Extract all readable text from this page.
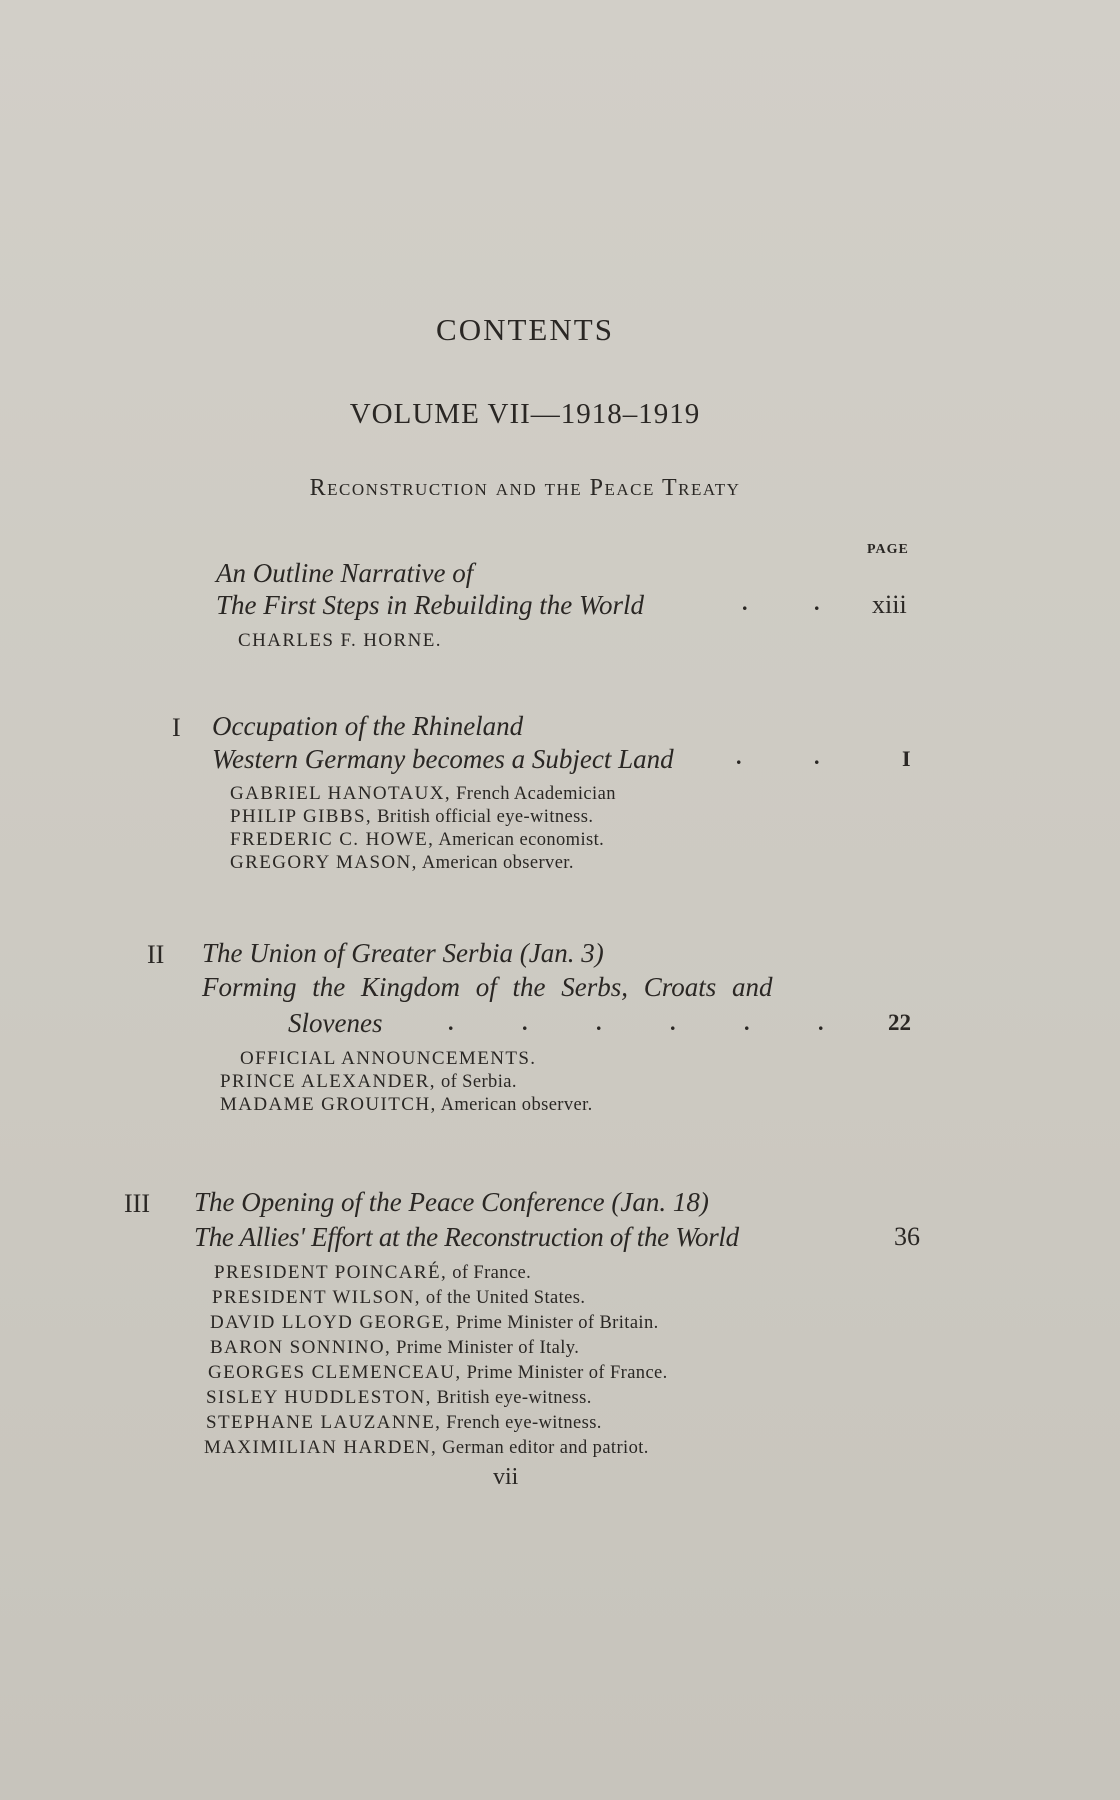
CONTENTS
VOLUME VII—1918–1919
Reconstruction and the Peace Treaty
PAGE
An Outline Narrative of
The First Steps in Rebuilding the World	.	. xiii
CHARLES F. HORNE.
I Occupation of the Rhineland
Western Germany becomes a Subject Land	.	.	I
GABRIEL HANOTAUX, French Academician
PHILIP GIBBS, British official eye-witness.
FREDERIC C. HOWE, American economist.
GREGORY MASON, American observer.
II The Union of Greater Serbia (Jan. 3)
Forming the Kingdom of the Serbs, Croats and
Slovenes	.	.	.	.	.	.	22
OFFICIAL ANNOUNCEMENTS.
PRINCE ALEXANDER, of Serbia.
MADAME GROUITCH, American observer.
III The Opening of the Peace Conference (Jan. 18)
The Allies' Effort at the Reconstruction of the World	36
PRESIDENT POINCARÉ, of France.
PRESIDENT WILSON, of the United States.
DAVID LLOYD GEORGE, Prime Minister of Britain.
BARON SONNINO, Prime Minister of Italy.
GEORGES CLEMENCEAU, Prime Minister of France.
SISLEY HUDDLESTON, British eye-witness.
STEPHANE LAUZANNE, French eye-witness.
MAXIMILIAN HARDEN, German editor and patriot.
vii
